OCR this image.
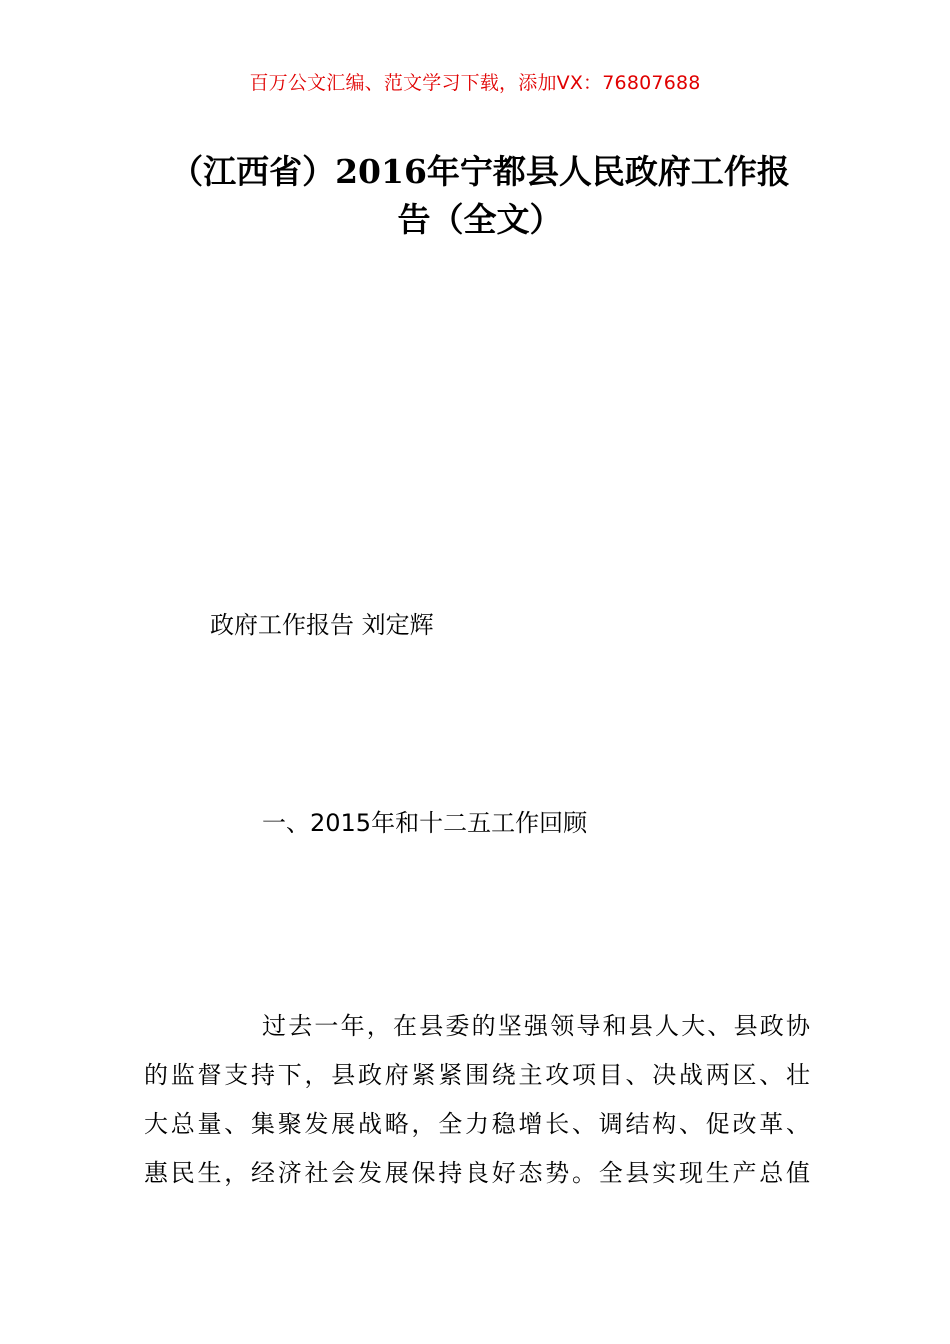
百万公文汇编、范文学习下载，添加VX：76807688
（江西省）2016年宁都县人民政府工作报
告（全文）
政府工作报告 刘定辉
一、2015年和十二五工作回顾
过去一年，在县委的坚强领导和县人大、县政协
的监督支持下，县政府紧紧围绕主攻项目、决战两区、壮
大总量、集聚发展战略，全力稳增长、调结构、促改革、
惠民生，经济社会发展保持良好态势。全县实现生产总值
